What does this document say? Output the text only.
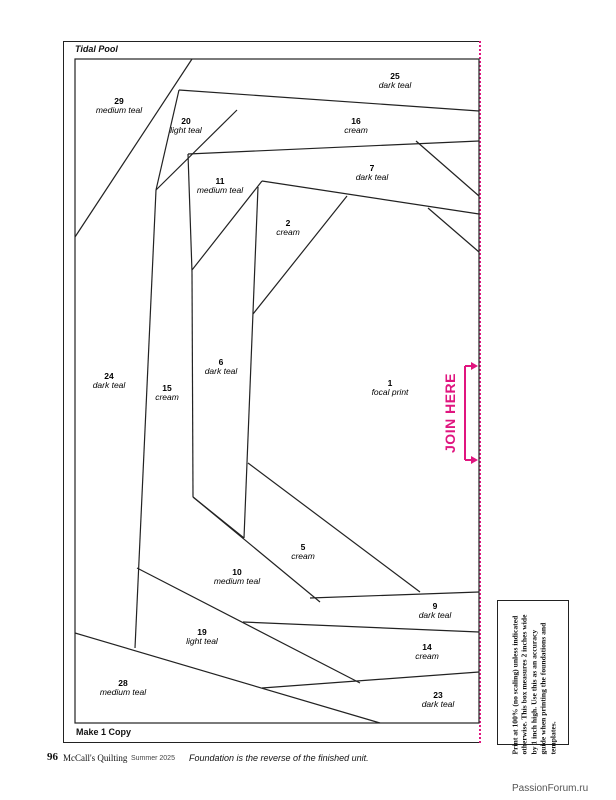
Tidal Pool
25
dark teal
29
medium teal
20
light teal
16
cream
11
medium teal
7
dark teal
2
cream
24
dark teal	15
cream
6
dark teal
1
focal print
5
cream
10
medium teal
9
dark teal
19
light teal
14
cream
28
medium teal	23
dark teal
JOIN HERE
Make 1 Copy	Print at 100% (no scaling) unless indicated otherwise. This box measures 2 inches wide by 1 inch high. Use this as an accuracy guide when printing the foundations and templates.
96 McCall's Quilting Summer 2025 Foundation is the reverse of the finished unit.
PassionForum.ru
